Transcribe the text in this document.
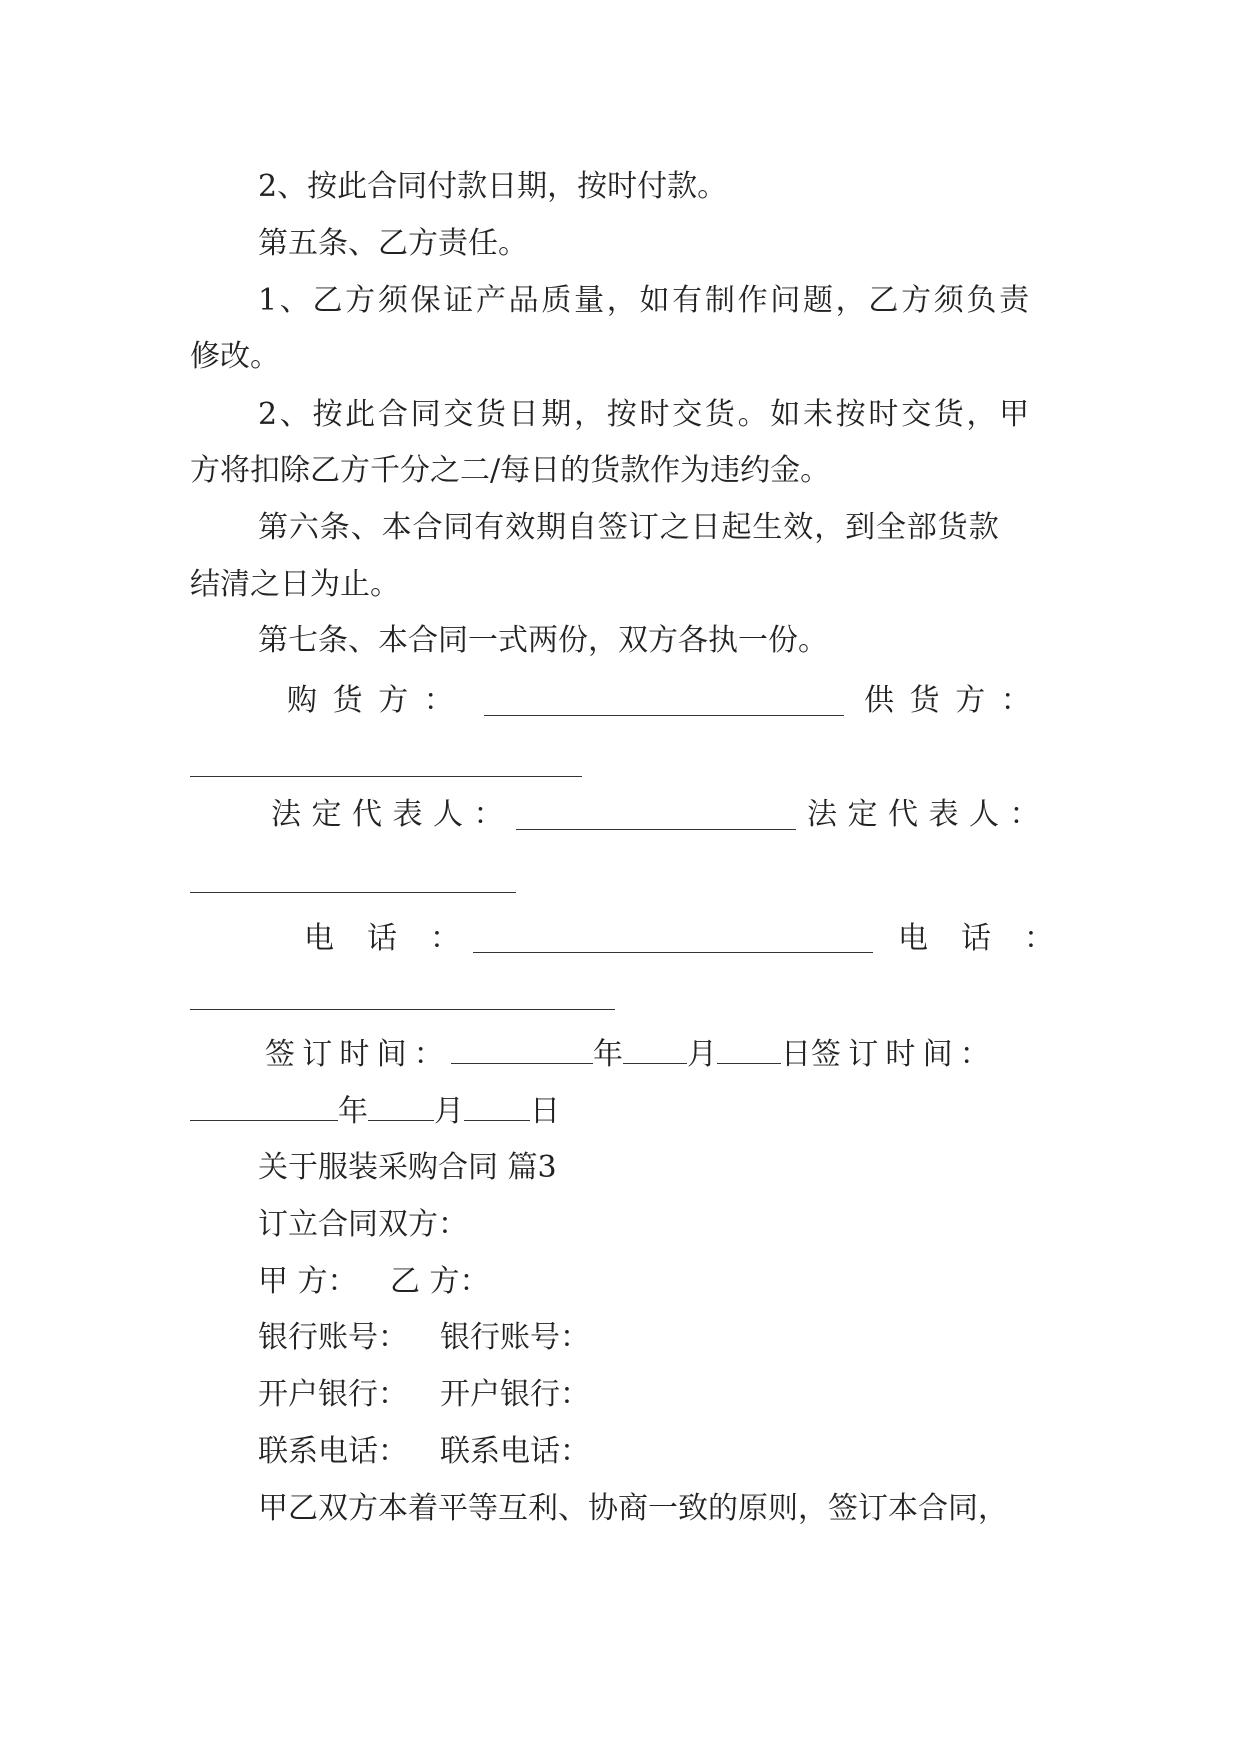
2、按此合同付款日期，按时付款。
第五条、乙方责任。
1、乙方须保证产品质量，如有制作问题，乙方须负责
修改。
2、按此合同交货日期，按时交货。如未按时交货，甲
方将扣除乙方千分之二/每日的货款作为违约金。
第六条、本合同有效期自签订之日起生效，到全部货款
结清之日为止。
第七条、本合同一式两份，双方各执一份。
购货方：	供货方：
法定代表人：	法定代表人：
电话：	电话：
签订时间：	年 月 日签订时间：
年 月 日
关于服装采购合同 篇3
订立合同双方：
甲 方： 乙 方：
银行账号： 银行账号：
开户银行： 开户银行：
联系电话： 联系电话：
甲乙双方本着平等互利、协商一致的原则，签订本合同，
